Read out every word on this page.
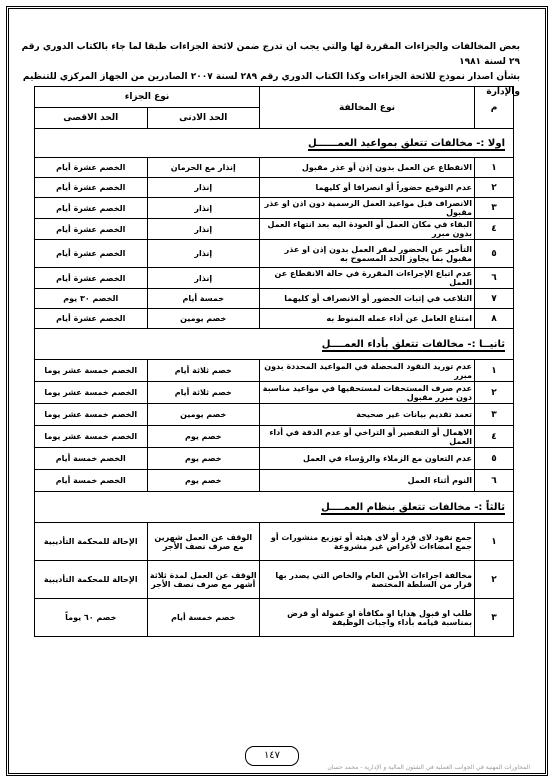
بعض المخالفات والجزاءات المقررة لها والتي يجب ان تدرج ضمن لائحة الجزاءات طبقا لما جاء بالكتاب الدوري رقم ٢٩ لسنة ١٩٨١
بشأن اصدار نموذج للائحة الجزاءات وكذا الكتاب الدوري رقم ٢٨٩ لسنة ٢٠٠٧ الصادرين من الجهاز المركزي للتنظيم والإدارة
م	نوع المخالفة	نوع الجزاء	
		الحد الادنى	الحد الاقصى
اولا :- مخالفات تتعلق بمواعيد العمــــــل			
١	الانقطاع عن العمل بدون إذن أو عذر مقبول	إنذار مع الحرمان	الخصم عشرة أيام
٢	عدم التوقيع حضوراً أو انصرافا أو كليهما	إنذار	الخصم عشرة أيام
٣	الانصراف قبل مواعيد العمل الرسمية دون اذن او عذر مقبول	إنذار	الخصم عشرة أيام
٤	البقاء في مكان العمل أو العودة اليه بعد انتهاء العمل بدون مبرر	إنذار	الخصم عشرة أيام
٥	التأخير عن الحضور لمقر العمل بدون إذن او عذر مقبول بما يجاوز الحد المسموح به	إنذار	الخصم عشرة أيام
٦	عدم اتباع الإجراءات المقررة في حالة الانقطاع عن العمل	إنذار	الخصم عشرة أيام
٧	التلاعب في إثبات الحضور أو الانصراف أو كليهما	خمسة أيام	الخصم ٣٠ يوم
٨	امتناع العامل عن أداء عمله المنوط به	خصم يومين	الخصم عشرة أيام
ثانيــا :- مخالفات تتعلق بأداء العمــــل			
١	عدم توريد النقود المحصلة في المواعيد المحددة بدون مبرر	خصم ثلاثة أيام	الخصم خمسة عشر يوما
٢	عدم صرف المستحقات لمستحقيها في مواعيد مناسبة دون مبرر مقبول	خصم ثلاثة أيام	الخصم خمسة عشر يوما
٣	تعمد تقديم بيانات غير صحيحة	خصم يومين	الخصم خمسة عشر يوما
٤	الاهمال أو التقصير أو التراخي أو عدم الدقة في أداء العمل	خصم يوم	الخصم خمسة عشر يوما
٥	عدم التعاون مع الزملاء والرؤساء في العمل	خصم يوم	الخصم خمسة أيام
٦	النوم أثناء العمل	خصم يوم	الخصم خمسة أيام
ثالثاً :- مخالفات تتعلق بنظام العمــــل			
١	جمع نقود لاى فرد أو لاى هيئة أو توزيع منشورات أو جمع امضاءات لأغراض غير مشروعة	الوقف عن العمل شهرين مع صرف نصف الأجر	الإحالة للمحكمة التأديبية
٢	مخالفة اجراءات الأمن العام والخاص التي يصدر بها قرار من السلطة المختصة	الوقف عن العمل لمدة ثلاثة أشهر مع صرف نصف الأجر	الإحالة للمحكمة التأديبية
٣	طلب او قبول هدايا او مكافأة او عمولة أو قرض بمناسبة قيامه بأداء واجبات الوظيفة	خصم خمسة أيام	خصم ٦٠ يوماً
١٤٧
المحاورات المهنية في الجوانب العملية في الشئون المالية و الإدارية - محمد حسان
